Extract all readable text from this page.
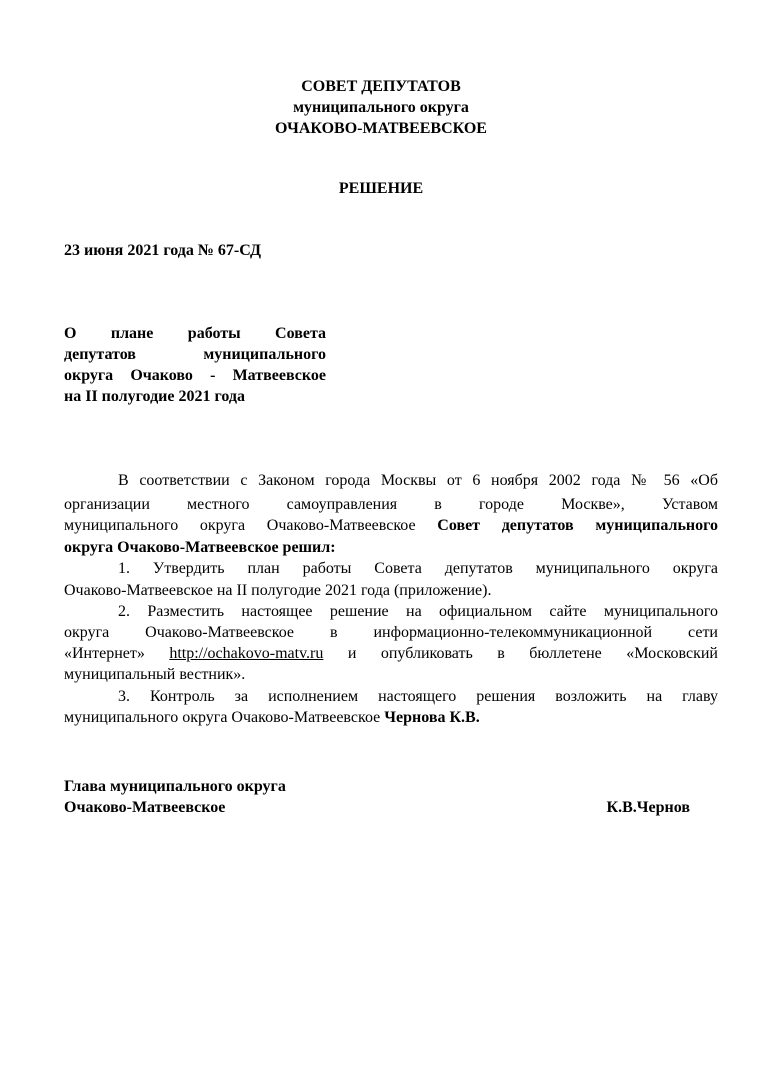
СОВЕТ ДЕПУТАТОВ
муниципального округа
ОЧАКОВО-МАТВЕЕВСКОЕ
РЕШЕНИЕ
23 июня 2021 года № 67-СД
О плане работы Совета
депутатов муниципального
округа Очаково - Матвеевское
на II полугодие 2021 года
В соответствии с Законом города Москвы от 6 ноября 2002 года № 56 «Об
организации местного самоуправления в городе Москве», Уставом
муниципального округа Очаково-Матвеевское Совет депутатов муниципального
округа Очаково-Матвеевское решил:
1. Утвердить план работы Совета депутатов муниципального округа
Очаково-Матвеевское на II полугодие 2021 года (приложение).
2. Разместить настоящее решение на официальном сайте муниципального
округа Очаково-Матвеевское в информационно-телекоммуникационной сети
«Интернет» http://ochakovo-matv.ru и опубликовать в бюллетене «Московский
муниципальный вестник».
3. Контроль за исполнением настоящего решения возложить на главу
муниципального округа Очаково-Матвеевское Чернова К.В.
Глава муниципального округа
Очаково-Матвеевское	К.В.Чернов
